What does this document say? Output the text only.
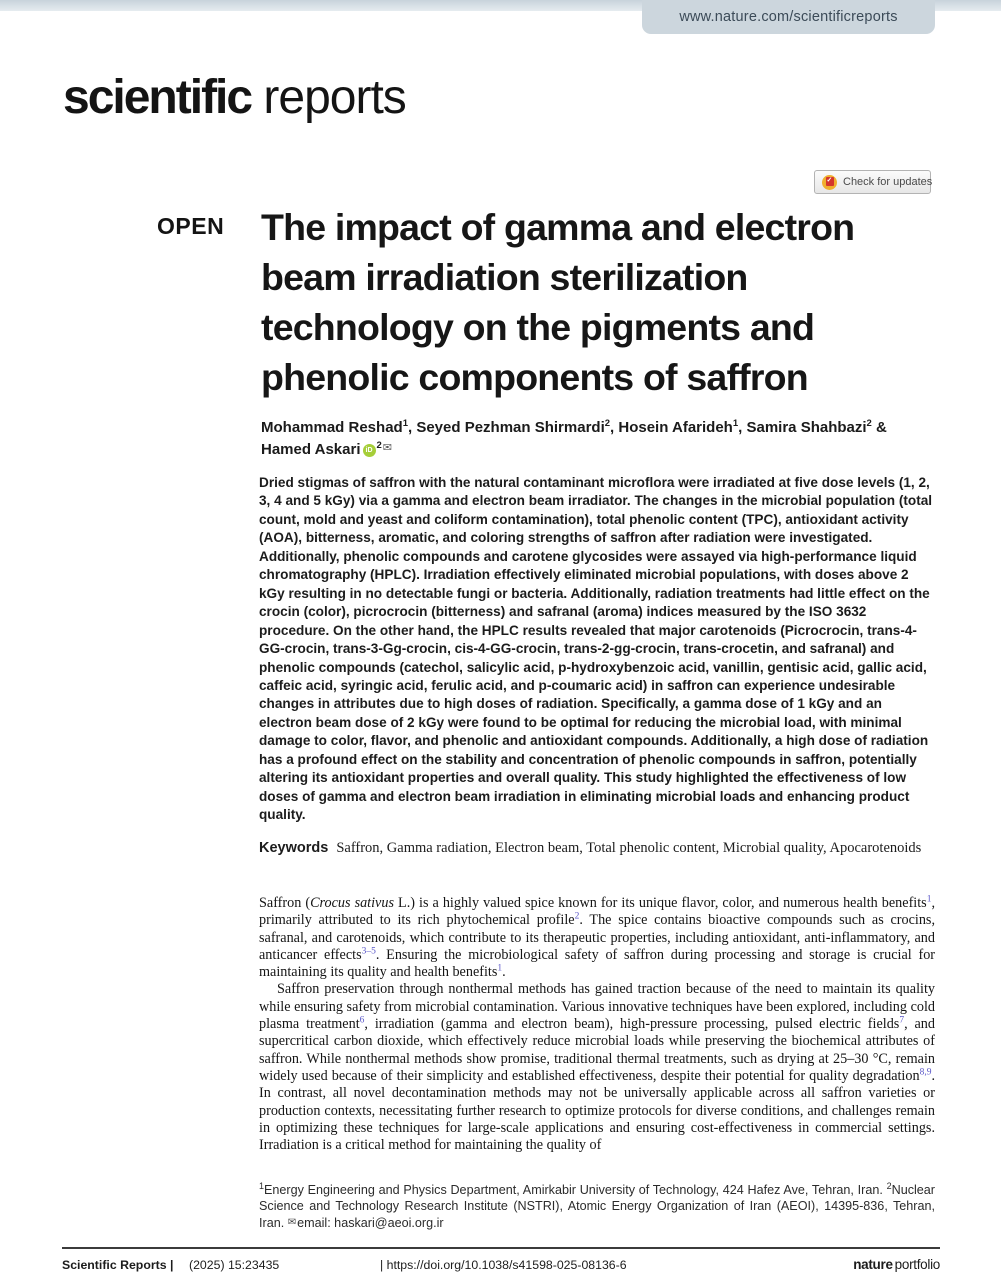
www.nature.com/scientificreports
scientific reports
✓
Check for updates
OPEN The impact of gamma and electron beam irradiation sterilization technology on the pigments and phenolic components of saffron

Mohammad Reshad$^1$, Seyed Pezhman Shirmardi$^2$, Hosein Afarideh$^1$, Samira Shahbazi$^2$ & Hamed Askari iD $^{2✉}$

Dried stigmas of saffron with the natural contaminant microflora were irradiated at five dose levels (1, 2, 3, 4 and 5 kGy) via a gamma and electron beam irradiator. The changes in the microbial population (total count, mold and yeast and coliform contamination), total phenolic content (TPC), antioxidant activity (AOA), bitterness, aromatic, and coloring strengths of saffron after radiation were investigated. Additionally, phenolic compounds and carotene glycosides were assayed via high-performance liquid chromatography (HPLC). Irradiation effectively eliminated microbial populations, with doses above 2 kGy resulting in no detectable fungi or bacteria. Additionally, radiation treatments had little effect on the crocin (color), picrocrocin (bitterness) and safranal (aroma) indices measured by the ISO 3632 procedure. On the other hand, the HPLC results revealed that major carotenoids (Picrocrocin, trans-4-GG-crocin, trans-3-Gg-crocin, cis-4-GG-crocin, trans-2-gg-crocin, trans-crocetin, and safranal) and phenolic compounds (catechol, salicylic acid, p-hydroxybenzoic acid, vanillin, gentisic acid, gallic acid, caffeic acid, syringic acid, ferulic acid, and p-coumaric acid) in saffron can experience undesirable changes in attributes due to high doses of radiation. Specifically, a gamma dose of 1 kGy and an electron beam dose of 2 kGy were found to be optimal for reducing the microbial load, with minimal damage to color, flavor, and phenolic and antioxidant compounds. Additionally, a high dose of radiation has a profound effect on the stability and concentration of phenolic compounds in saffron, potentially altering its antioxidant properties and overall quality. This study highlighted the effectiveness of low doses of gamma and electron beam irradiation in eliminating microbial loads and enhancing product quality.

Keywords Saffron, Gamma radiation, Electron beam, Total phenolic content, Microbial quality, Apocarotenoids

Saffron (Crocus sativus L.) is a highly valued spice known for its unique flavor, color, and numerous health benefits$^1$, primarily attributed to its rich phytochemical profile$^2$. The spice contains bioactive compounds such as crocins, safranal, and carotenoids, which contribute to its therapeutic properties, including antioxidant, anti-inflammatory, and anticancer effects$^{3-5}$. Ensuring the microbiological safety of saffron during processing and storage is crucial for maintaining its quality and health benefits$^1$.

Saffron preservation through nonthermal methods has gained traction because of the need to maintain its quality while ensuring safety from microbial contamination. Various innovative techniques have been explored, including cold plasma treatment$^6$, irradiation (gamma and electron beam), high-pressure processing, pulsed electric fields$^7$, and supercritical carbon dioxide, which effectively reduce microbial loads while preserving the biochemical attributes of saffron. While nonthermal methods show promise, traditional thermal treatments, such as drying at 25–30 °C, remain widely used because of their simplicity and established effectiveness, despite their potential for quality degradation$^{8,9}$. In contrast, all novel decontamination methods may not be universally applicable across all saffron varieties or production contexts, necessitating further research to optimize protocols for diverse conditions, and challenges remain in optimizing these techniques for large-scale applications and ensuring cost-effectiveness in commercial settings. Irradiation is a critical method for maintaining the quality of

$^1$Energy Engineering and Physics Department, Amirkabir University of Technology, 424 Hafez Ave, Tehran, Iran. $^2$Nuclear Science and Technology Research Institute (NSTRI), Atomic Energy Organization of Iran (AEOI), 14395-836, Tehran, Iran. ✉email: haskari@aeoi.org.ir

Scientific Reports | (2025) 15:23435	| https://doi.org/10.1038/s41598-025-08136-6	nature portfolio
